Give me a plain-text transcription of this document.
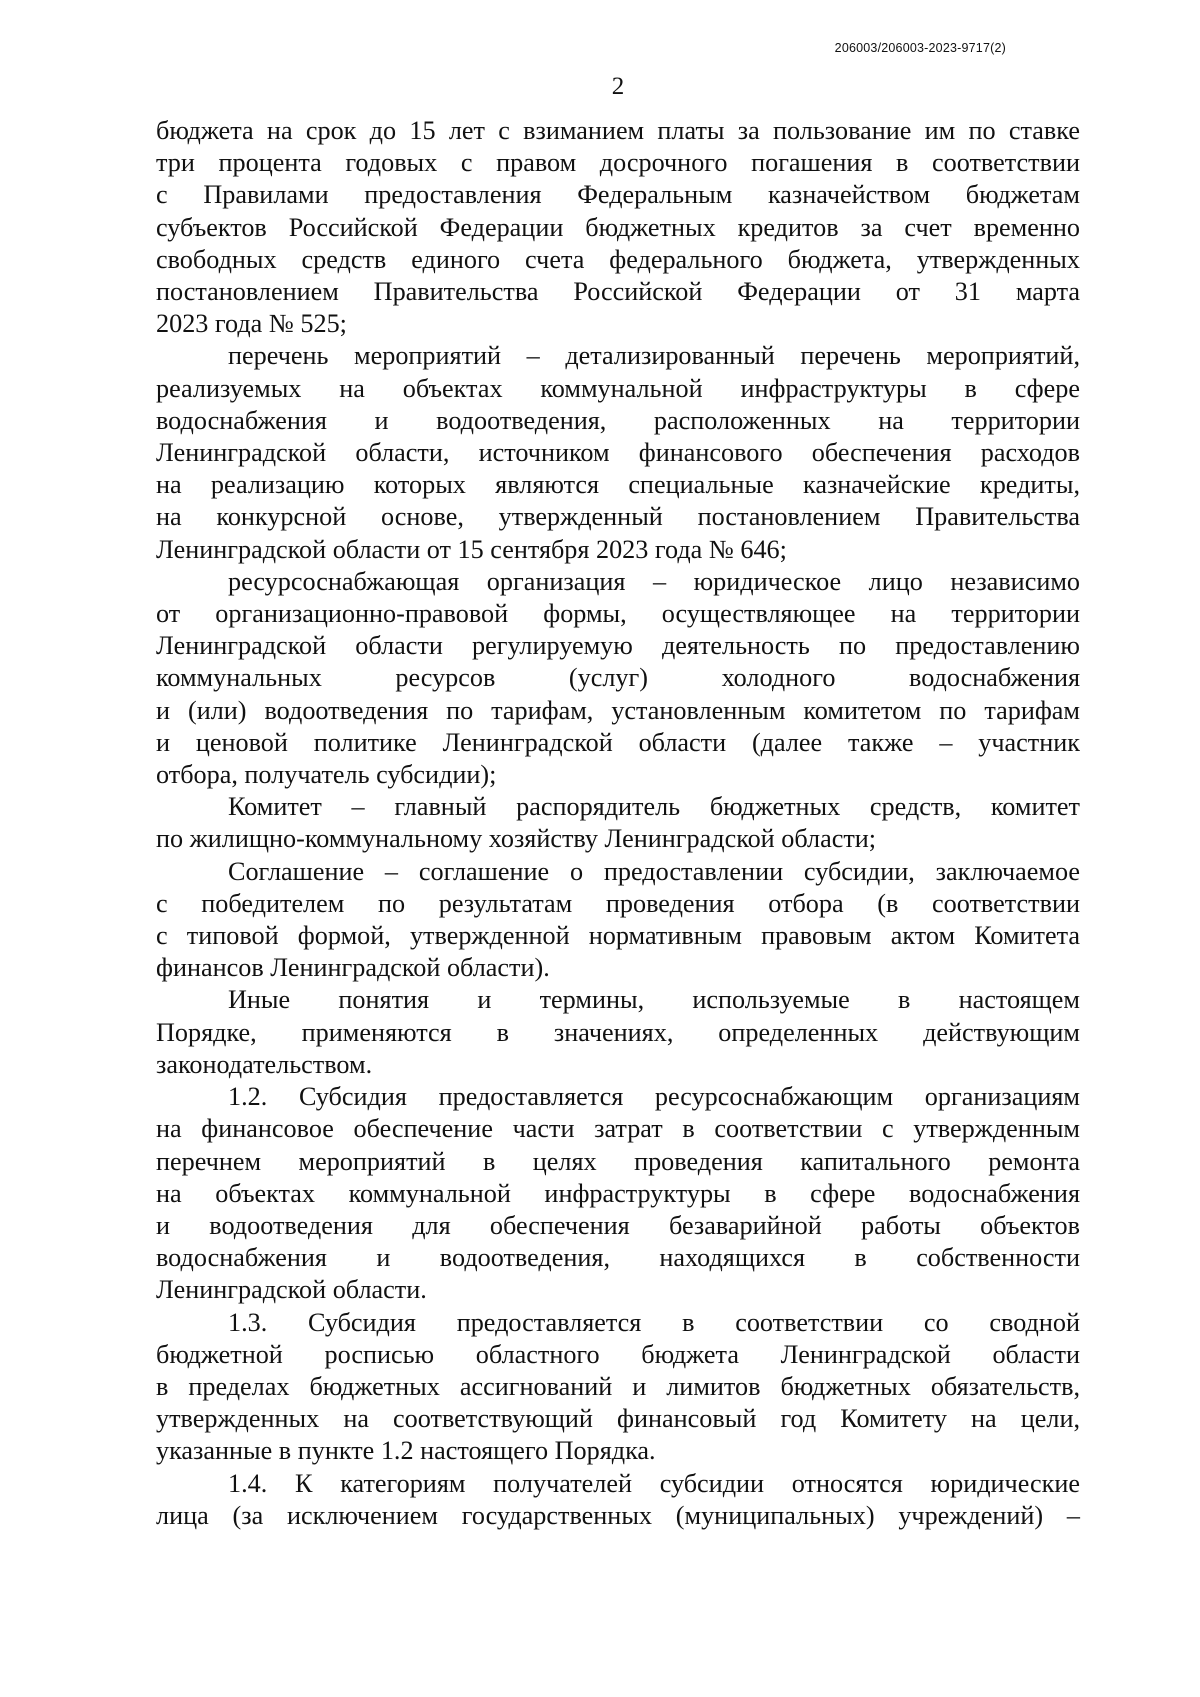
206003/206003-2023-9717(2)
2
бюджета на срок до 15 лет с взиманием платы за пользование им по ставке
три процента годовых с правом досрочного погашения в соответствии
с Правилами предоставления Федеральным казначейством бюджетам
субъектов Российской Федерации бюджетных кредитов за счет временно
свободных средств единого счета федерального бюджета, утвержденных
постановлением Правительства Российской Федерации от 31 марта
2023 года № 525;
перечень мероприятий – детализированный перечень мероприятий,
реализуемых на объектах коммунальной инфраструктуры в сфере
водоснабжения и водоотведения, расположенных на территории
Ленинградской области, источником финансового обеспечения расходов
на реализацию которых являются специальные казначейские кредиты,
на конкурсной основе, утвержденный постановлением Правительства
Ленинградской области от 15 сентября 2023 года № 646;
ресурсоснабжающая организация – юридическое лицо независимо
от организационно-правовой формы, осуществляющее на территории
Ленинградской области регулируемую деятельность по предоставлению
коммунальных ресурсов (услуг) холодного водоснабжения
и (или) водоотведения по тарифам, установленным комитетом по тарифам
и ценовой политике Ленинградской области (далее также – участник
отбора, получатель субсидии);
Комитет – главный распорядитель бюджетных средств, комитет
по жилищно-коммунальному хозяйству Ленинградской области;
Соглашение – соглашение о предоставлении субсидии, заключаемое
с победителем по результатам проведения отбора (в соответствии
с типовой формой, утвержденной нормативным правовым актом Комитета
финансов Ленинградской области).
Иные понятия и термины, используемые в настоящем
Порядке, применяются в значениях, определенных действующим
законодательством.
1.2. Субсидия предоставляется ресурсоснабжающим организациям
на финансовое обеспечение части затрат в соответствии с утвержденным
перечнем мероприятий в целях проведения капитального ремонта
на объектах коммунальной инфраструктуры в сфере водоснабжения
и водоотведения для обеспечения безаварийной работы объектов
водоснабжения и водоотведения, находящихся в собственности
Ленинградской области.
1.3. Субсидия предоставляется в соответствии со сводной
бюджетной росписью областного бюджета Ленинградской области
в пределах бюджетных ассигнований и лимитов бюджетных обязательств,
утвержденных на соответствующий финансовый год Комитету на цели,
указанные в пункте 1.2 настоящего Порядка.
1.4. К категориям получателей субсидии относятся юридические
лица (за исключением государственных (муниципальных) учреждений) –
